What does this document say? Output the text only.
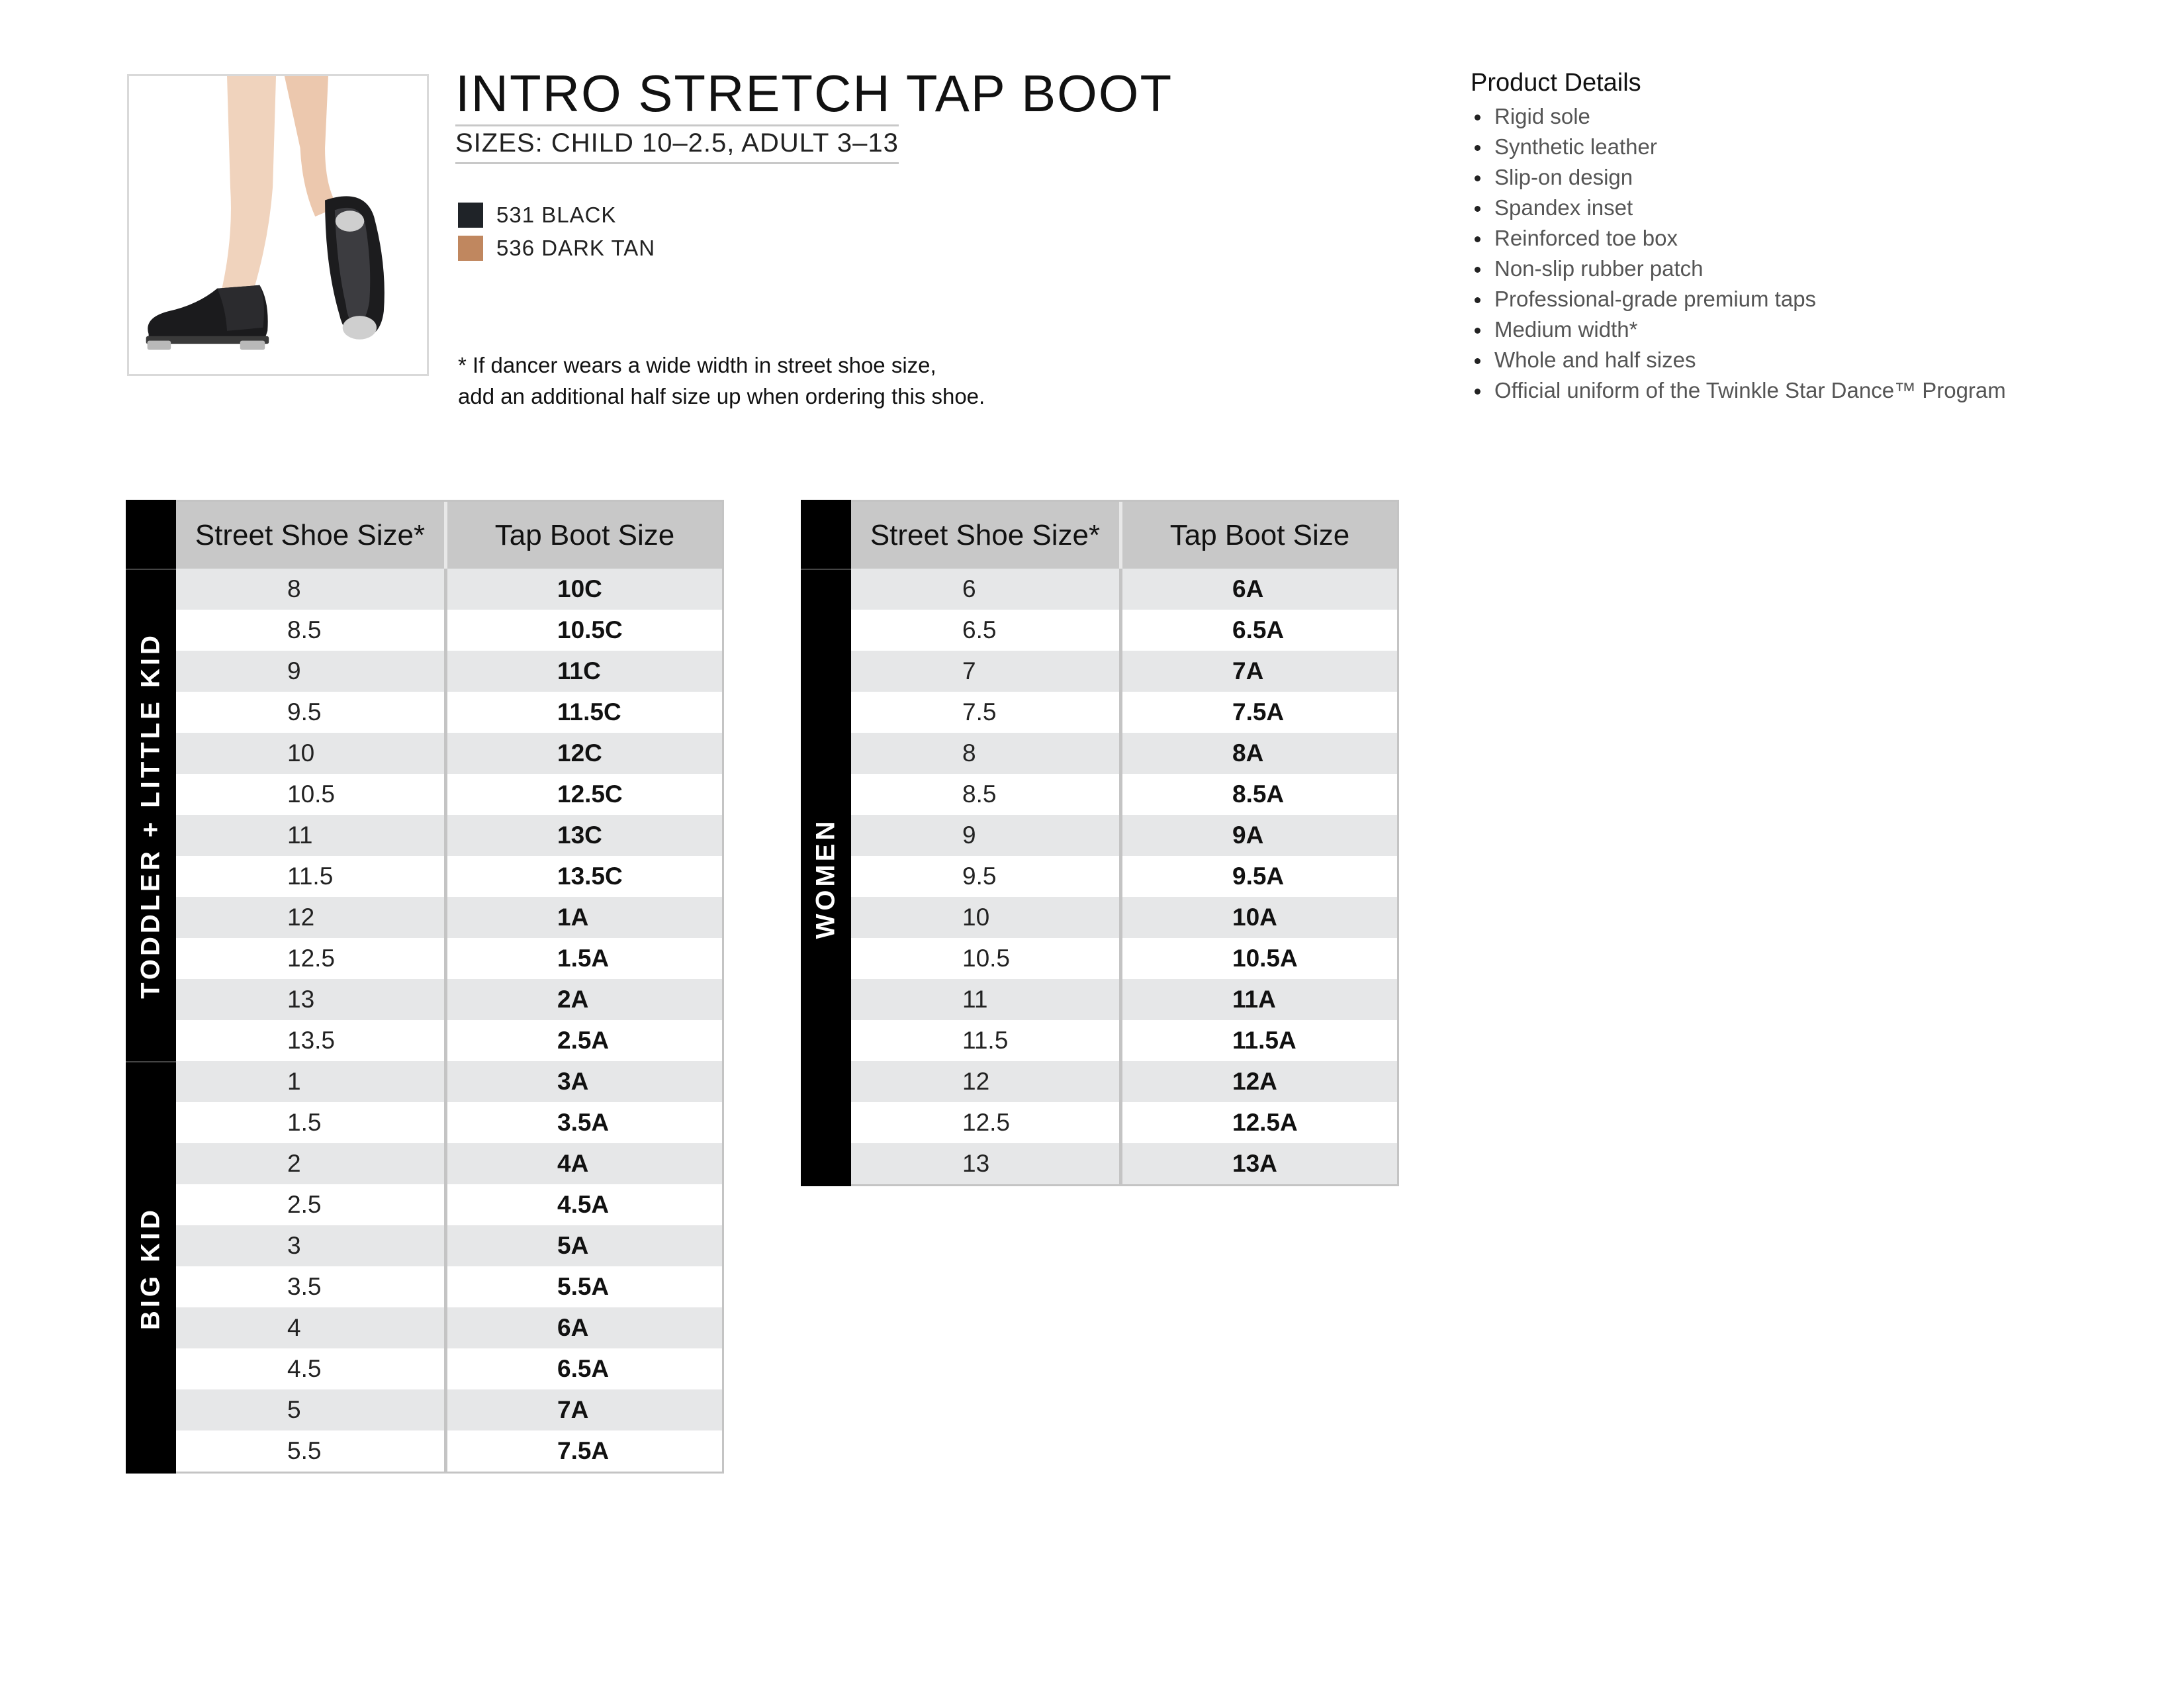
INTRO STRETCH TAP BOOT
SIZES: CHILD 10–2.5, ADULT 3–13
531 BLACK
536 DARK TAN
* If dancer wears a wide width in street shoe size,
add an additional half size up when ordering this shoe.
Product Details
Rigid sole
Synthetic leather
Slip-on design
Spandex inset
Reinforced toe box
Non-slip rubber patch
Professional-grade premium taps
Medium width*
Whole and half sizes
Official uniform of the Twinkle Star Dance™ Program
TODDLER + LITTLE KID
BIG KID
Street Shoe Size*	Tap Boot Size
8	10C
8.5	10.5C
9	11C
9.5	11.5C
10	12C
10.5	12.5C
11	13C
11.5	13.5C
12	1A
12.5	1.5A
13	2A
13.5	2.5A
1	3A
1.5	3.5A
2	4A
2.5	4.5A
3	5A
3.5	5.5A
4	6A
4.5	6.5A
5	7A
5.5	7.5A
WOMEN
Street Shoe Size*	Tap Boot Size
6	6A
6.5	6.5A
7	7A
7.5	7.5A
8	8A
8.5	8.5A
9	9A
9.5	9.5A
10	10A
10.5	10.5A
11	11A
11.5	11.5A
12	12A
12.5	12.5A
13	13A
